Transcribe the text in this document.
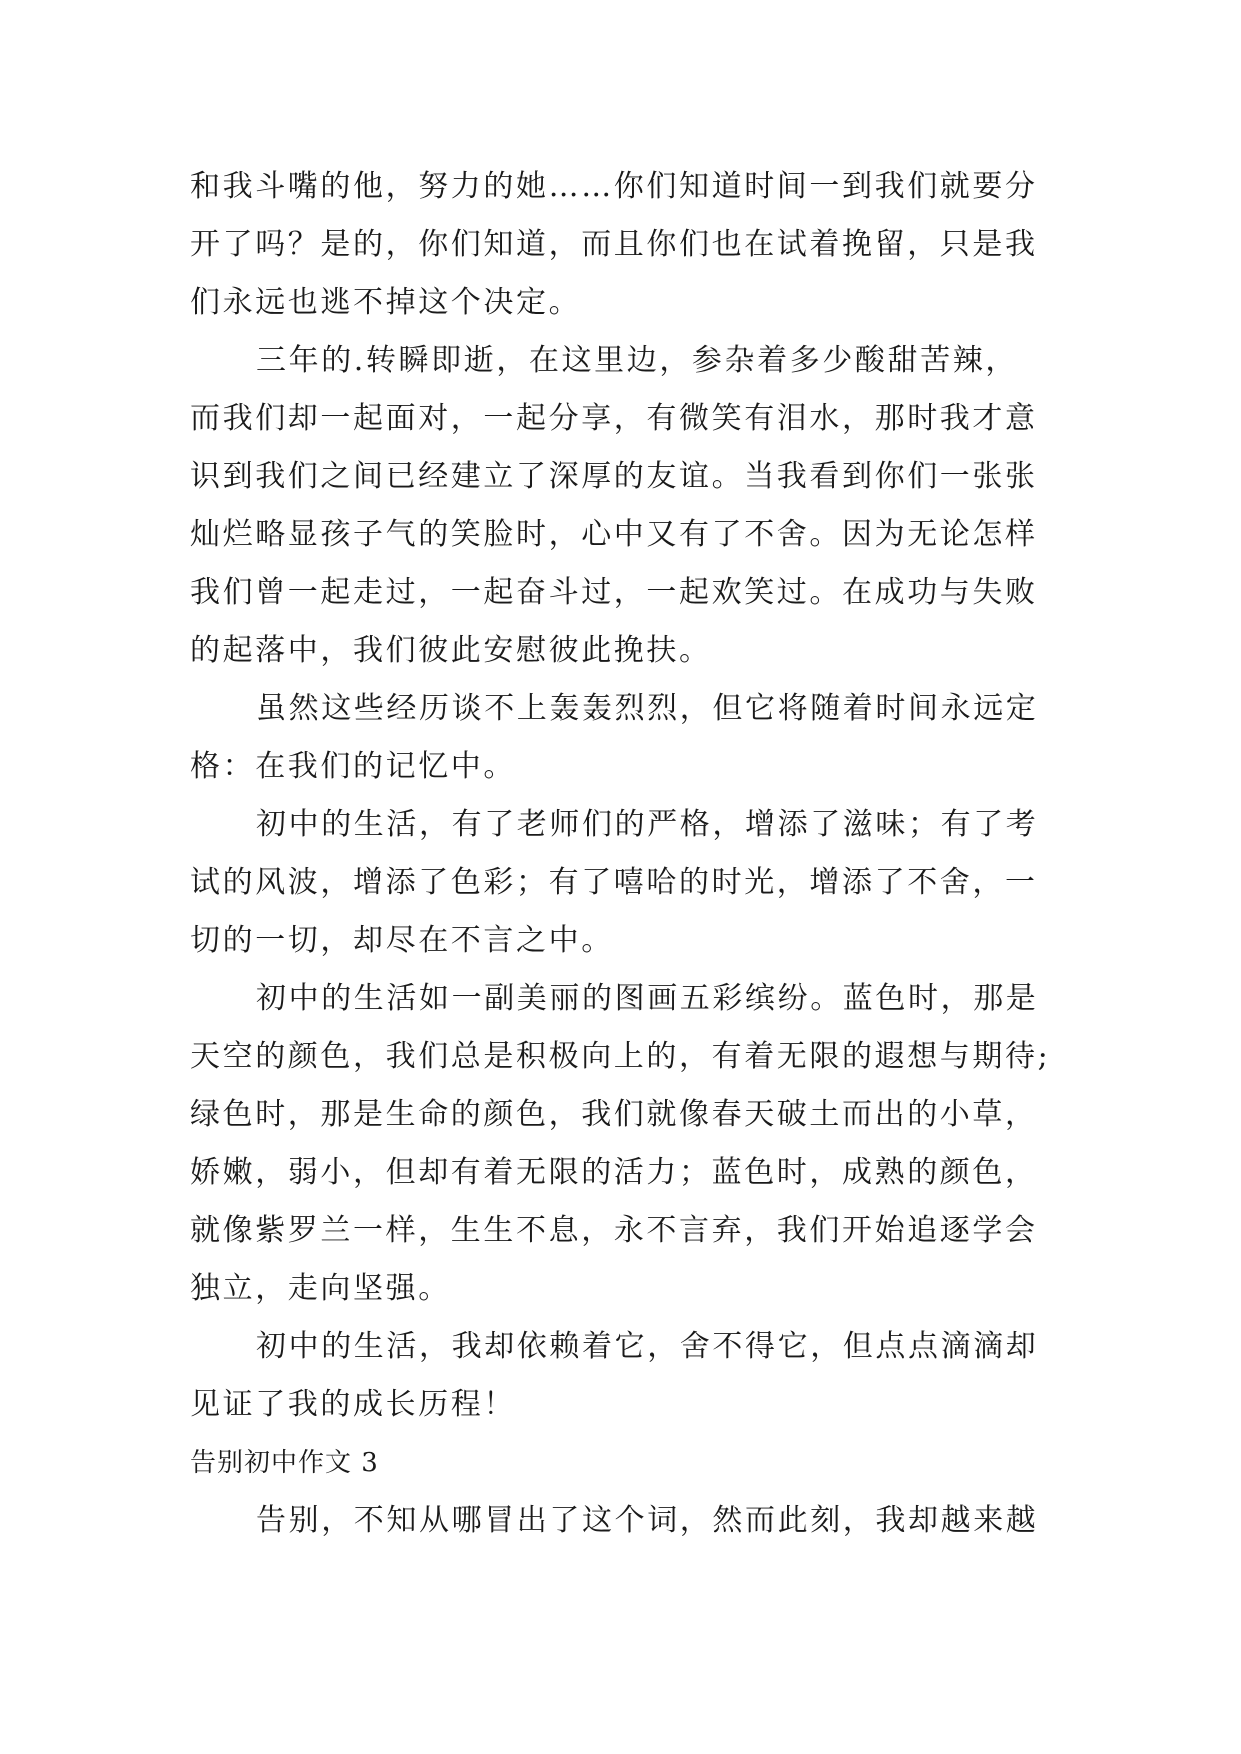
和我斗嘴的他，努力的她……你们知道时间一到我们就要分
开了吗？是的，你们知道，而且你们也在试着挽留，只是我
们永远也逃不掉这个决定。
三年的.转瞬即逝，在这里边，参杂着多少酸甜苦辣，
而我们却一起面对，一起分享，有微笑有泪水，那时我才意
识到我们之间已经建立了深厚的友谊。当我看到你们一张张
灿烂略显孩子气的笑脸时，心中又有了不舍。因为无论怎样
我们曾一起走过，一起奋斗过，一起欢笑过。在成功与失败
的起落中，我们彼此安慰彼此挽扶。
虽然这些经历谈不上轰轰烈烈，但它将随着时间永远定
格：在我们的记忆中。
初中的生活，有了老师们的严格，增添了滋味；有了考
试的风波，增添了色彩；有了嘻哈的时光，增添了不舍，一
切的一切，却尽在不言之中。
初中的生活如一副美丽的图画五彩缤纷。蓝色时，那是
天空的颜色，我们总是积极向上的，有着无限的遐想与期待;
绿色时，那是生命的颜色，我们就像春天破土而出的小草，
娇嫩，弱小，但却有着无限的活力；蓝色时，成熟的颜色，
就像紫罗兰一样，生生不息，永不言弃，我们开始追逐学会
独立，走向坚强。
初中的生活，我却依赖着它，舍不得它，但点点滴滴却
见证了我的成长历程！
告别初中作文 3
告别，不知从哪冒出了这个词，然而此刻，我却越来越
